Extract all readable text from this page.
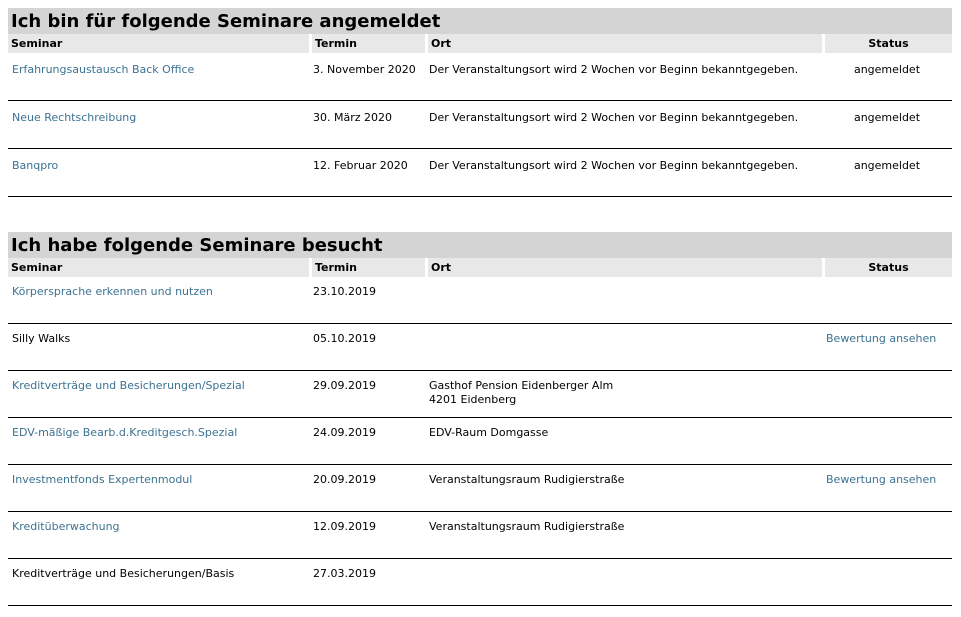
Ich bin für folgende Seminare angemeldet
Seminar	Termin	Ort	Status
Erfahrungsaustausch Back Office	3. November 2020	Der Veranstaltungsort wird 2 Wochen vor Beginn bekanntgegeben.	angemeldet
Neue Rechtschreibung	30. März 2020	Der Veranstaltungsort wird 2 Wochen vor Beginn bekanntgegeben.	angemeldet
Banqpro	12. Februar 2020	Der Veranstaltungsort wird 2 Wochen vor Beginn bekanntgegeben.	angemeldet
Ich habe folgende Seminare besucht
Seminar	Termin	Ort	Status
Körpersprache erkennen und nutzen	23.10.2019	

Silly Walks	05.10.2019		Bewertung ansehen
Kreditverträge und Besicherungen/Spezial	29.09.2019	Gasthof Pension Eidenberger Alm
4201 Eidenberg	

EDV-mäßige Bearb.d.Kreditgesch.Spezial	24.09.2019	EDV-Raum Domgasse	

Investmentfonds Expertenmodul	20.09.2019	Veranstaltungsraum Rudigierstraße	Bewertung ansehen
Kreditüberwachung	12.09.2019	Veranstaltungsraum Rudigierstraße	

Kreditverträge und Besicherungen/Basis	27.03.2019	
